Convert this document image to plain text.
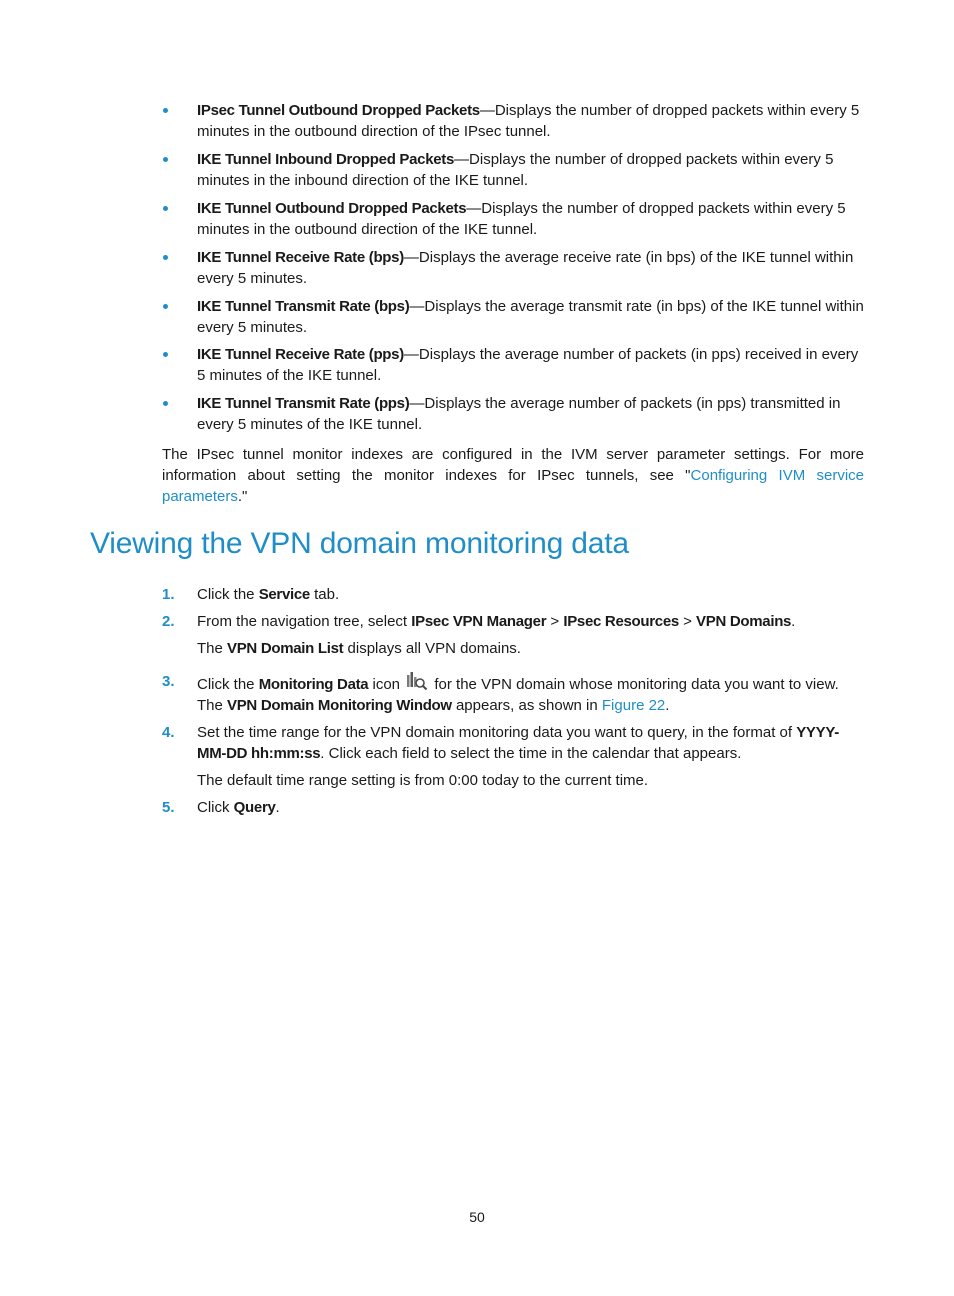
IPsec Tunnel Outbound Dropped Packets—Displays the number of dropped packets within every 5 minutes in the outbound direction of the IPsec tunnel.
IKE Tunnel Inbound Dropped Packets—Displays the number of dropped packets within every 5 minutes in the inbound direction of the IKE tunnel.
IKE Tunnel Outbound Dropped Packets—Displays the number of dropped packets within every 5 minutes in the outbound direction of the IKE tunnel.
IKE Tunnel Receive Rate (bps)—Displays the average receive rate (in bps) of the IKE tunnel within every 5 minutes.
IKE Tunnel Transmit Rate (bps)—Displays the average transmit rate (in bps) of the IKE tunnel within every 5 minutes.
IKE Tunnel Receive Rate (pps)—Displays the average number of packets (in pps) received in every 5 minutes of the IKE tunnel.
IKE Tunnel Transmit Rate (pps)—Displays the average number of packets (in pps) transmitted in every 5 minutes of the IKE tunnel.

The IPsec tunnel monitor indexes are configured in the IVM server parameter settings. For more information about setting the monitor indexes for IPsec tunnels, see "Configuring IVM service parameters."

Viewing the VPN domain monitoring data
1. Click the Service tab.
2. From the navigation tree, select IPsec VPN Manager > IPsec Resources > VPN Domains.
The VPN Domain List displays all VPN domains.
3. Click the Monitoring Data icon  for the VPN domain whose monitoring data you want to view. The VPN Domain Monitoring Window appears, as shown in Figure 22.
4. Set the time range for the VPN domain monitoring data you want to query, in the format of YYYY-MM-DD hh:mm:ss. Click each field to select the time in the calendar that appears.
The default time range setting is from 0:00 today to the current time.
5. Click Query.
50
